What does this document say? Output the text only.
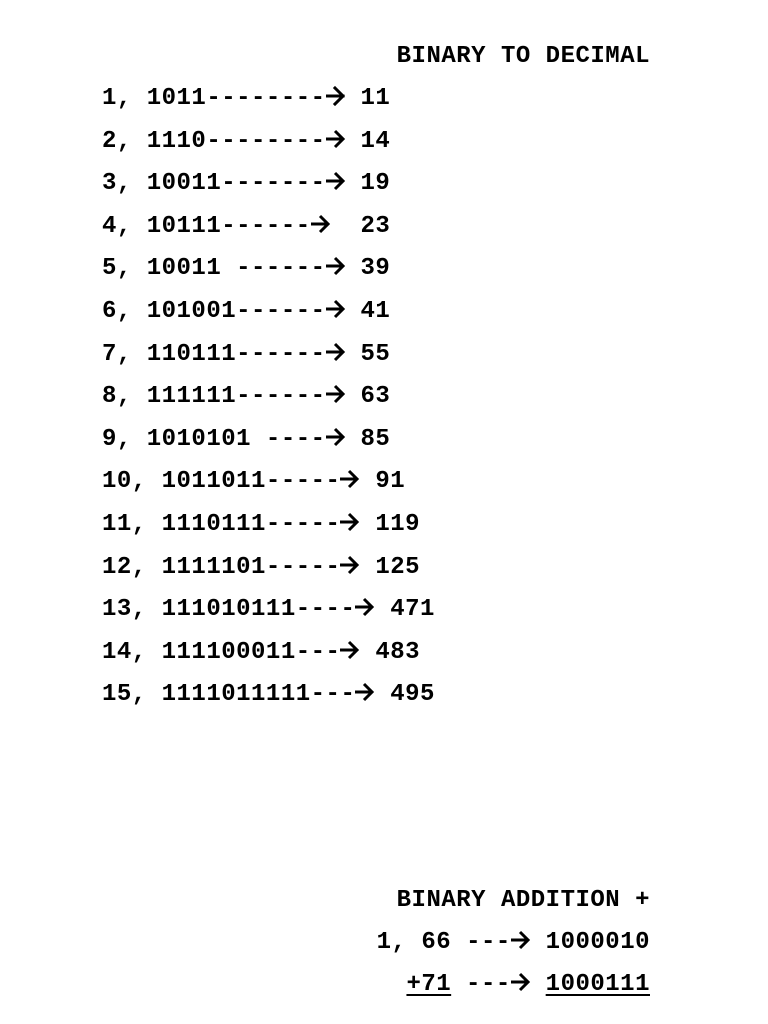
BINARY TO DECIMAL
1, 1011--------
11
2, 1110--------
14
3, 10011-------
19
4, 10111------
23
5, 10011 ------
39
6, 101001------
41
7, 110111------
55
8, 111111------
63
9, 1010101 ----
85
10, 1011011-----
91
11, 1110111-----
119
12, 1111101-----
125
13, 111010111----
471
14, 111100011---
483
15, 1111011111---
495
BINARY ADDITION +
1, 66 ---
1000010
+71 --- 1000111
